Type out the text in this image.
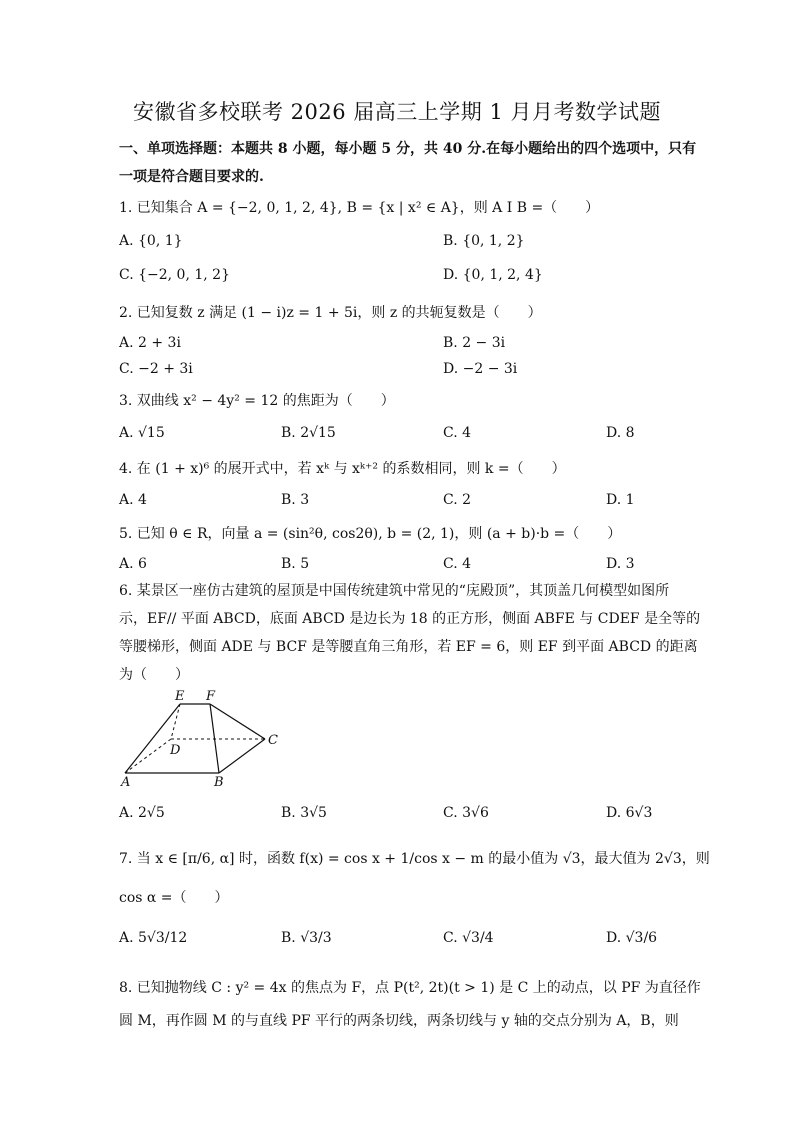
安徽省多校联考 2026 届高三上学期 1 月月考数学试题
一、单项选择题：本题共 8 小题，每小题 5 分，共 40 分.在每小题给出的四个选项中，只有
一项是符合题目要求的.
1. 已知集合 A = {−2, 0, 1, 2, 4}, B = {x | x² ∈ A}，则 A I B =（　　）
A. {0, 1}	B. {0, 1, 2}
C. {−2, 0, 1, 2}	D. {0, 1, 2, 4}
2. 已知复数 z 满足 (1 − i)z = 1 + 5i，则 z 的共轭复数是（　　）
A. 2 + 3i	B. 2 − 3i
C. −2 + 3i	D. −2 − 3i
3. 双曲线 x² − 4y² = 12 的焦距为（　　）
A. √15	B. 2√15	C. 4	D. 8
4. 在 (1 + x)⁶ 的展开式中，若 xᵏ 与 xᵏ⁺² 的系数相同，则 k =（　　）
A. 4	B. 3	C. 2	D. 1
5. 已知 θ ∈ R，向量 a = (sin²θ, cos2θ), b = (2, 1)，则 (a + b)·b =（　　）
A. 6	B. 5	C. 4	D. 3
6. 某景区一座仿古建筑的屋顶是中国传统建筑中常见的“庑殿顶”，其顶盖几何模型如图所
示，EF// 平面 ABCD，底面 ABCD 是边长为 18 的正方形，侧面 ABFE 与 CDEF 是全等的
等腰梯形，侧面 ADE 与 BCF 是等腰直角三角形，若 EF = 6，则 EF 到平面 ABCD 的距离
为（　　）
E F
C
D
A	B
A. 2√5	B. 3√5	C. 3√6	D. 6√3
7. 当 x ∈ [π/6, α] 时，函数 f(x) = cos x + 1/cos x − m 的最小值为 √3，最大值为 2√3，则
cos α =（　　）
A. 5√3/12	B. √3/3	C. √3/4	D. √3/6
8. 已知抛物线 C : y² = 4x 的焦点为 F，点 P(t², 2t)(t > 1) 是 C 上的动点，以 PF 为直径作
圆 M，再作圆 M 的与直线 PF 平行的两条切线，两条切线与 y 轴的交点分别为 A，B，则
